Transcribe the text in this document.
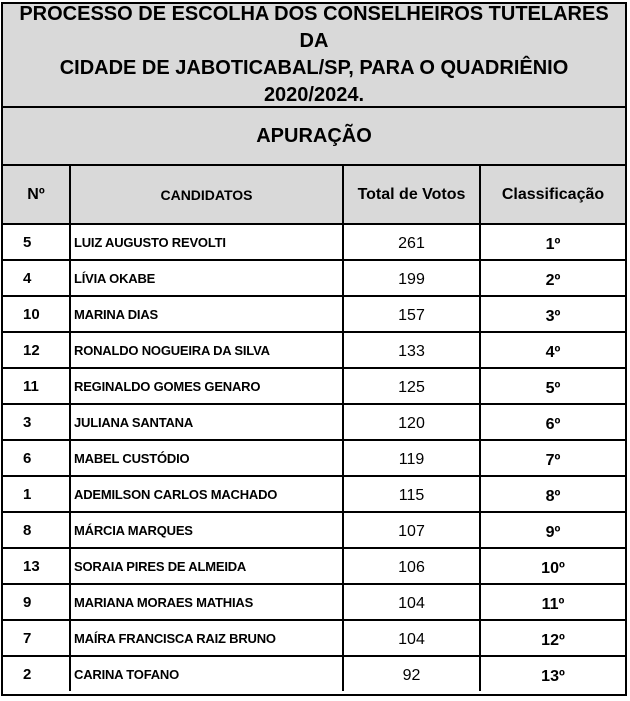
PROCESSO DE ESCOLHA DOS CONSELHEIROS TUTELARES DA
CIDADE DE JABOTICABAL/SP, PARA O QUADRIÊNIO
2020/2024.
APURAÇÃO
Nº	CANDIDATOS	Total de Votos	Classificação
5	LUIZ AUGUSTO REVOLTI	261	1º
4	LÍVIA OKABE	199	2º
10	MARINA DIAS	157	3º
12	RONALDO NOGUEIRA DA SILVA	133	4º
11	REGINALDO GOMES GENARO	125	5º
3	JULIANA SANTANA	120	6º
6	MABEL CUSTÓDIO	119	7º
1	ADEMILSON CARLOS MACHADO	115	8º
8	MÁRCIA MARQUES	107	9º
13	SORAIA PIRES DE ALMEIDA	106	10º
9	MARIANA MORAES MATHIAS	104	11º
7	MAÍRA FRANCISCA RAIZ BRUNO	104	12º
2	CARINA TOFANO	92	13º
